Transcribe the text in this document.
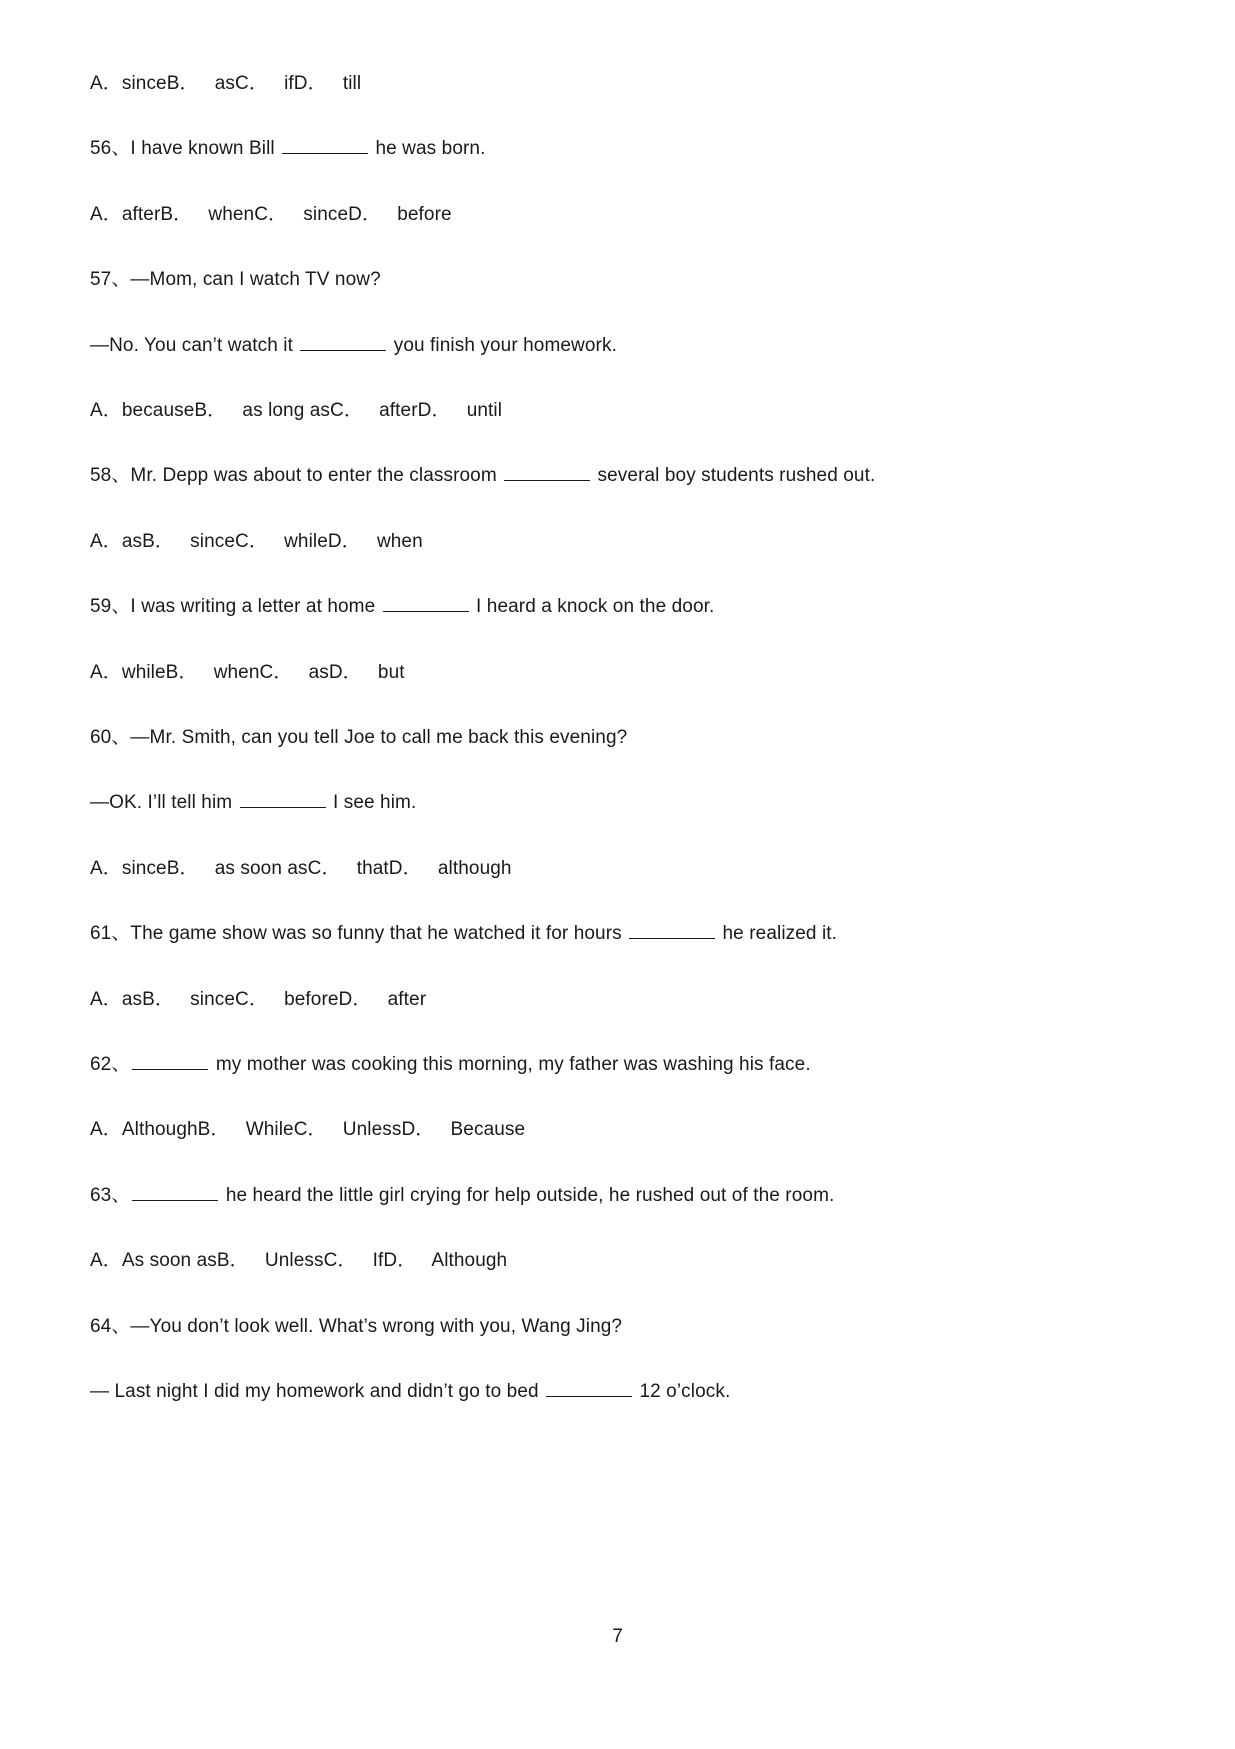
A．sinceB． asC． ifD． till
56、I have known Bill	he was born.
A．afterB． whenC． sinceD． before
57、—Mom, can I watch TV now?
—No. You can’t watch it	you finish your homework.
A．becauseB． as long asC． afterD． until
58、Mr. Depp was about to enter the classroom	several boy students rushed out.
A．asB． sinceC． whileD． when
59、I was writing a letter at home	I heard a knock on the door.
A．whileB． whenC． asD． but
60、—Mr. Smith, can you tell Joe to call me back this evening?
—OK. I’ll tell him	I see him.
A．sinceB． as soon asC． thatD． although
61、The game show was so funny that he watched it for hours	he realized it.
A．asB． sinceC． beforeD． after
62、	my mother was cooking this morning, my father was washing his face.
A．AlthoughB． WhileC． UnlessD． Because
63、	he heard the little girl crying for help outside, he rushed out of the room.
A．As soon asB． UnlessC． IfD． Although
64、—You don’t look well. What’s wrong with you, Wang Jing?
— Last night I did my homework and didn’t go to bed	12 o’clock.
7
